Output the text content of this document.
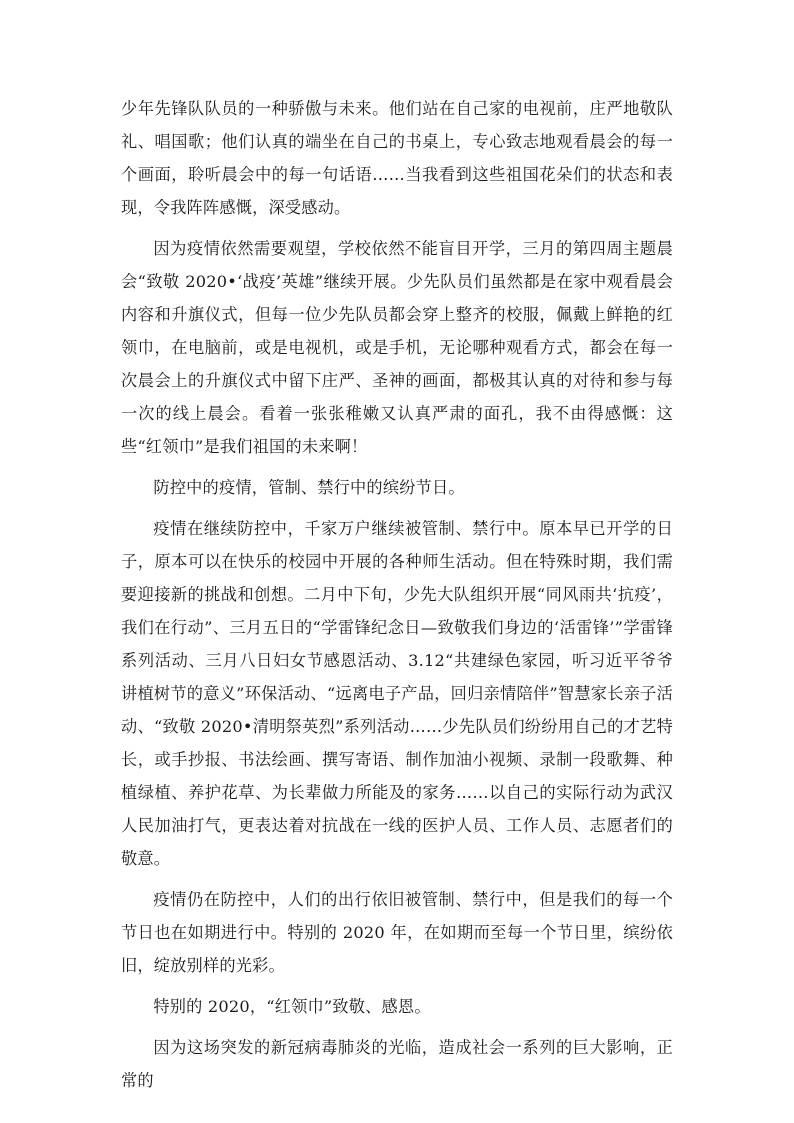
少年先锋队队员的一种骄傲与未来。他们站在自己家的电视前，庄严地敬队礼、唱国歌；他们认真的端坐在自己的书桌上，专心致志地观看晨会的每一个画面，聆听晨会中的每一句话语……当我看到这些祖国花朵们的状态和表现，令我阵阵感慨，深受感动。

因为疫情依然需要观望，学校依然不能盲目开学，三月的第四周主题晨会“致敬 2020•‘战疫’英雄”继续开展。少先队员们虽然都是在家中观看晨会内容和升旗仪式，但每一位少先队员都会穿上整齐的校服，佩戴上鲜艳的红领巾，在电脑前，或是电视机，或是手机，无论哪种观看方式，都会在每一次晨会上的升旗仪式中留下庄严、圣神的画面，都极其认真的对待和参与每一次的线上晨会。看着一张张稚嫩又认真严肃的面孔，我不由得感慨：这些“红领巾”是我们祖国的未来啊！

防控中的疫情，管制、禁行中的缤纷节日。

疫情在继续防控中，千家万户继续被管制、禁行中。原本早已开学的日子，原本可以在快乐的校园中开展的各种师生活动。但在特殊时期，我们需要迎接新的挑战和创想。二月中下旬，少先大队组织开展“同风雨共‘抗疫’，我们在行动”、三月五日的“学雷锋纪念日—致敬我们身边的‘活雷锋’”学雷锋系列活动、三月八日妇女节感恩活动、3.12“共建绿色家园，听习近平爷爷讲植树节的意义”环保活动、“远离电子产品，回归亲情陪伴”智慧家长亲子活动、“致敬 2020•清明祭英烈”系列活动……少先队员们纷纷用自己的才艺特长，或手抄报、书法绘画、撰写寄语、制作加油小视频、录制一段歌舞、种植绿植、养护花草、为长辈做力所能及的家务……以自己的实际行动为武汉人民加油打气，更表达着对抗战在一线的医护人员、工作人员、志愿者们的敬意。

疫情仍在防控中，人们的出行依旧被管制、禁行中，但是我们的每一个节日也在如期进行中。特别的 2020 年，在如期而至每一个节日里，缤纷依旧，绽放别样的光彩。

特别的 2020，“红领巾”致敬、感恩。

因为这场突发的新冠病毒肺炎的光临，造成社会一系列的巨大影响，正常的
